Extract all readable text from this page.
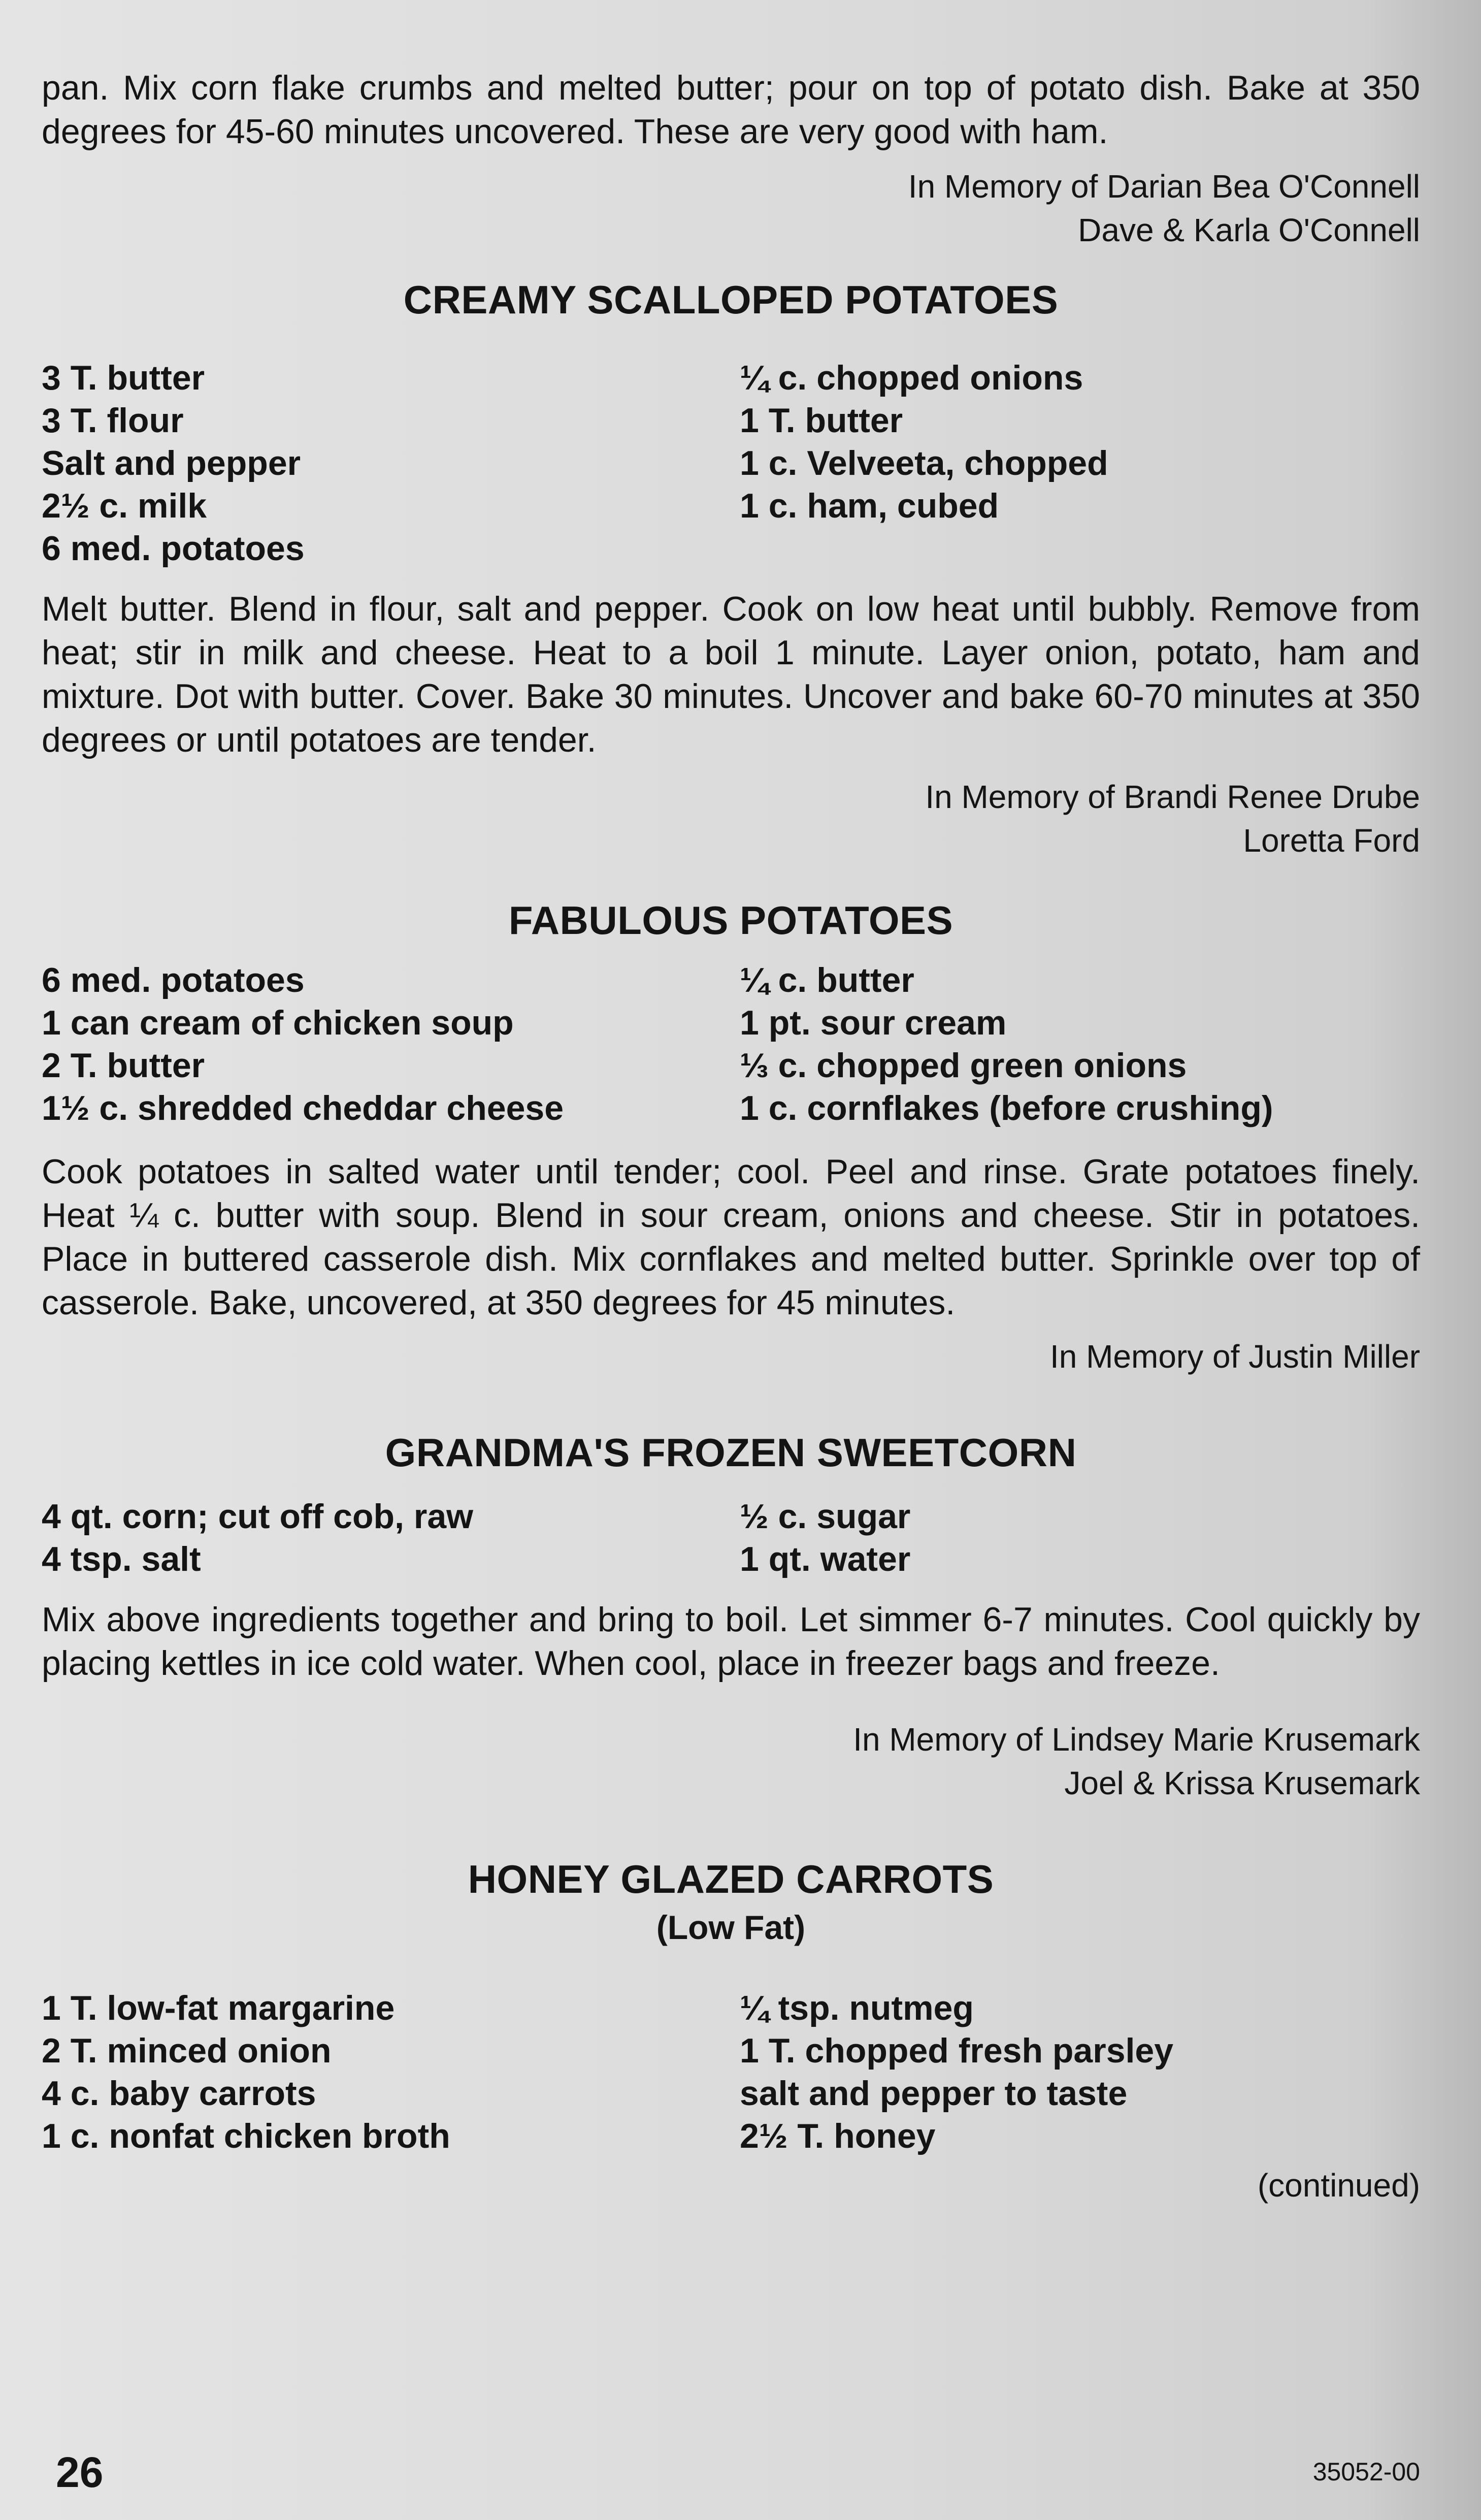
pan. Mix corn flake crumbs and melted butter; pour on top of potato dish. Bake at 350 degrees for 45-60 minutes uncovered. These are very good with ham.

In Memory of Darian Bea O'Connell

Dave & Karla O'Connell

CREAMY SCALLOPED POTATOES
3 T. butter
3 T. flour
Salt and pepper
2½ c. milk
6 med. potatoes
¼ c. chopped onions
1 T. butter
1 c. Velveeta, chopped
1 c. ham, cubed

Melt butter. Blend in flour, salt and pepper. Cook on low heat until bubbly. Remove from heat; stir in milk and cheese. Heat to a boil 1 minute. Layer onion, potato, ham and mixture. Dot with butter. Cover. Bake 30 minutes. Uncover and bake 60-70 minutes at 350 degrees or until potatoes are tender.

In Memory of Brandi Renee Drube

Loretta Ford

FABULOUS POTATOES
6 med. potatoes
1 can cream of chicken soup
2 T. butter
1½ c. shredded cheddar cheese
¼ c. butter
1 pt. sour cream
⅓ c. chopped green onions
1 c. cornflakes (before crushing)

Cook potatoes in salted water until tender; cool. Peel and rinse. Grate potatoes finely. Heat ¼ c. butter with soup. Blend in sour cream, onions and cheese. Stir in potatoes. Place in buttered casserole dish. Mix cornflakes and melted butter. Sprinkle over top of casserole. Bake, uncovered, at 350 degrees for 45 minutes.

In Memory of Justin Miller

GRANDMA'S FROZEN SWEETCORN
4 qt. corn; cut off cob, raw
4 tsp. salt
½ c. sugar
1 qt. water

Mix above ingredients together and bring to boil. Let simmer 6-7 minutes. Cool quickly by placing kettles in ice cold water. When cool, place in freezer bags and freeze.

In Memory of Lindsey Marie Krusemark

Joel & Krissa Krusemark

HONEY GLAZED CARROTS
(Low Fat)
1 T. low-fat margarine
2 T. minced onion
4 c. baby carrots
1 c. nonfat chicken broth
¼ tsp. nutmeg
1 T. chopped fresh parsley
salt and pepper to taste
2½ T. honey

(continued)

26	35052-00
